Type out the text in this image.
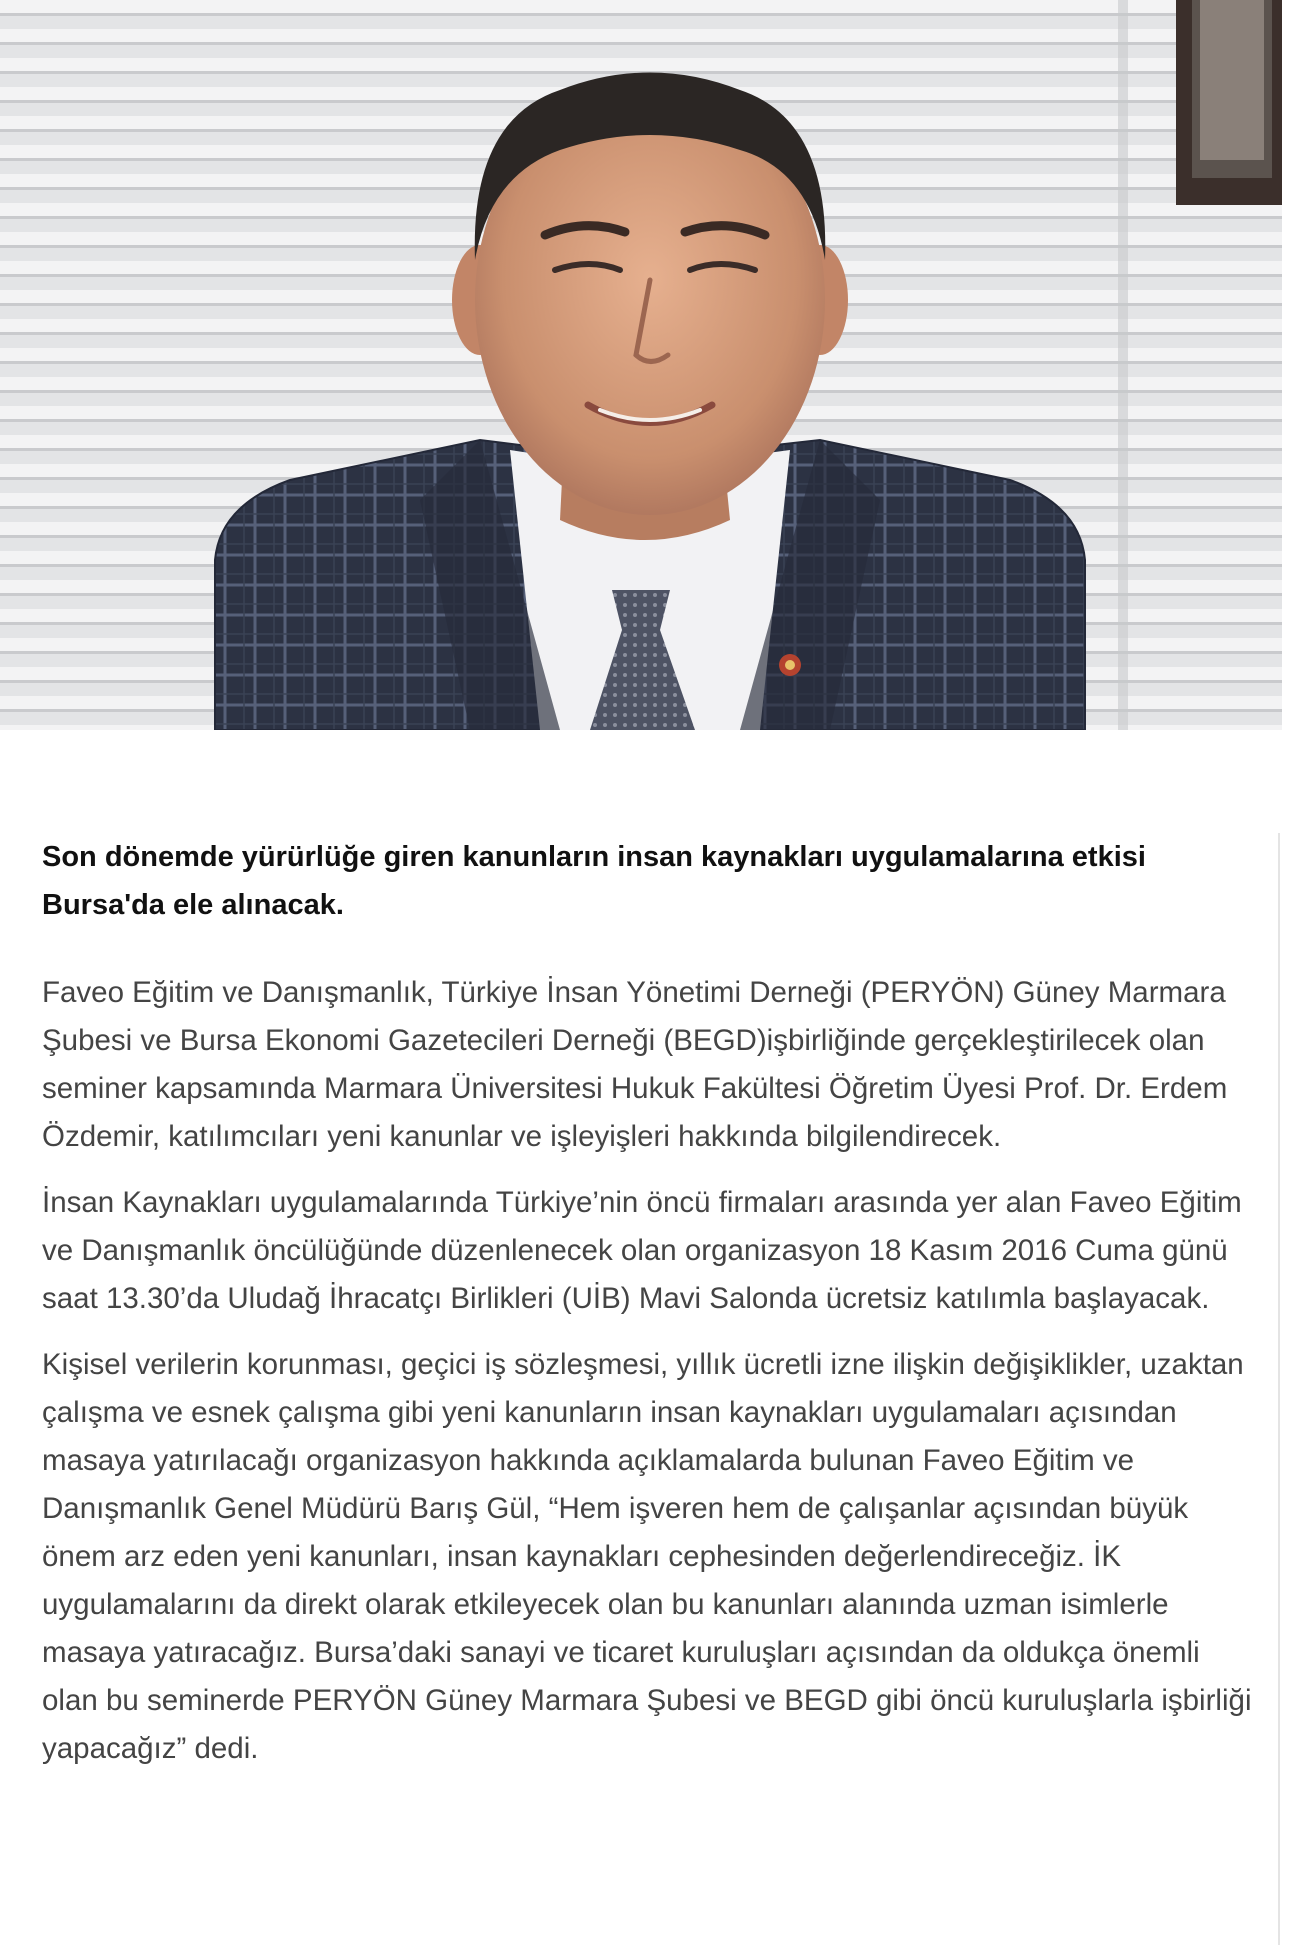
Son dönemde yürürlüğe giren kanunların insan kaynakları uygulamalarına etkisi Bursa'da ele alınacak.

Faveo Eğitim ve Danışmanlık, Türkiye İnsan Yönetimi Derneği (PERYÖN) Güney Marmara Şubesi ve Bursa Ekonomi Gazetecileri Derneği (BEGD)işbirliğinde gerçekleştirilecek olan seminer kapsamında Marmara Üniversitesi Hukuk Fakültesi Öğretim Üyesi Prof. Dr. Erdem Özdemir, katılımcıları yeni kanunlar ve işleyişleri hakkında bilgilendirecek.

İnsan Kaynakları uygulamalarında Türkiye’nin öncü firmaları arasında yer alan Faveo Eğitim ve Danışmanlık öncülüğünde düzenlenecek olan organizasyon 18 Kasım 2016 Cuma günü saat 13.30’da Uludağ İhracatçı Birlikleri (UİB) Mavi Salonda ücretsiz katılımla başlayacak.

Kişisel verilerin korunması, geçici iş sözleşmesi, yıllık ücretli izne ilişkin değişiklikler, uzaktan çalışma ve esnek çalışma gibi yeni kanunların insan kaynakları uygulamaları açısından masaya yatırılacağı organizasyon hakkında açıklamalarda bulunan Faveo Eğitim ve Danışmanlık Genel Müdürü Barış Gül, “Hem işveren hem de çalışanlar açısından büyük önem arz eden yeni kanunları, insan kaynakları cephesinden değerlendireceğiz. İK uygulamalarını da direkt olarak etkileyecek olan bu kanunları alanında uzman isimlerle masaya yatıracağız. Bursa’daki sanayi ve ticaret kuruluşları açısından da oldukça önemli olan bu seminerde PERYÖN Güney Marmara Şubesi ve BEGD gibi öncü kuruluşlarla işbirliği yapacağız” dedi.
